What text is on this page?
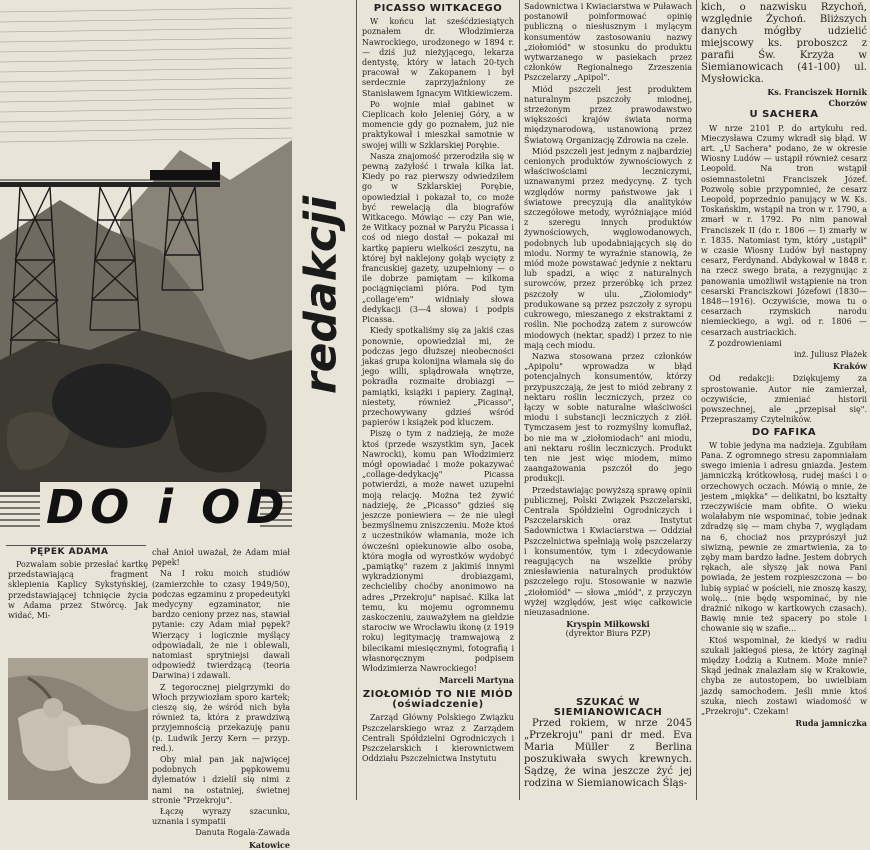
redakcji
DO i OD
PĘPEK ADAMA

Pozwalam sobie przesłać kartkę przedstawiającą fragment sklepienia Kaplicy Sykstyńskiej, przedstawiającej tchnięcie życia w Adama przez Stwórcę. Jak widać, Mi-

chał Anioł uważał, że Adam miał pępek!

Na I roku moich studiów (zamierzchłe to czasy 1949/50), podczas egzaminu z propedeutyki medycyny egzaminator, nie bardzo ceniony przez nas, stawiał pytanie: czy Adam miał pępek? Wierzący i logicznie myślący odpowiadali, że nie i oblewali, natomiast sprytniejsi dawali odpowiedź twierdzącą (teoria Darwina) i zdawali.

Z tegorocznej pielgrzymki do Włoch przywiozłam sporo kartek; cieszę się, że wśród nich była również ta, która z prawdziwą przyjemnością przekazuję panu (p. Ludwik Jerzy Kern — przyp. red.).

Oby miał pan jak najwięcej podobnych pępkowemu dylematów i dzielił się nimi z nami na ostatniej, świetnej stronie "Przekroju".

Łączę wyrazy szacunku, uznania i sympatii

Danuta Rogala-Zawada
Katowice
PICASSO WITKACEGO

W końcu lat sześćdziesiątych poznałem dr. Włodzimierza Nawrockiego, urodzonego w 1894 r. — dziś już nieżyjącego, lekarza dentystę, który w latach 20-tych pracował w Zakopanem i był serdecznie zaprzyjaźniony ze Stanisławem Ignacym Witkiewiczem.

Po wojnie miał gabinet w Cieplicach koło Jeleniej Góry, a w momencie gdy go poznałem, już nie praktykował i mieszkał samotnie w swojej willi w Szklarskiej Porębie.

Nasza znajomość przerodziła się w pewną zażyłość i trwała kilka lat. Kiedy po raz pierwszy odwiedziłem go w Szklarskiej Porębie, opowiedział i pokazał to, co może być rewelacją dla biografów Witkacego. Mówiąc — czy Pan wie, że Witkacy poznał w Paryżu Picassa i coś od niego dostał — pokazał mi kartkę papieru wielkości zeszytu, na której był naklejony gołąb wycięty z francuskiej gazety, uzupełniony — o ile dobrze pamiętam — kilkoma pociągnięciami pióra. Pod tym „collage'em" widniały słowa dedykacji (3—4 słowa) i podpis Picassa.

Kiedy spotkaliśmy się za jakiś czas ponownie, opowiedział mi, że podczas jego dłuższej nieobecności jakaś grupa kolonijna włamała się do jego willi, splądrowała wnętrze, pokradła rozmaite drobiazgi — pamiątki, książki i papiery. Zaginął, niestety, również „Picasso", przechowywany gdzieś wśród papierów i książek pod kluczem.

Piszę o tym z nadzieją, że może ktoś (przede wszystkim syn, Jacek Nawrocki), komu pan Włodzimierz mógł opowiadać i może pokazywać „collage-dedykację" Picassa potwierdzi, a może nawet uzupełni moją relację. Można też żywić nadzieję, że „Picasso" gdzieś się jeszcze poniewiera — że nie uległ bezmyślnemu zniszczeniu. Może ktoś z uczestników włamania, może ich ówcześni opiekunowie albo osoba, która mogła od wyrostków wydobyć „pamiątkę" razem z jakimiś innymi wykradzionymi drobiazgami, zechcieliby choćby anonimowo na adres „Przekroju" napisać. Kilka lat temu, ku mojemu ogromnemu zaskoczeniu, zauważyłem na giełdzie starociw we Wrocławiu ikonę (z 1919 roku) legitymację tramwajową z bilecikami miesięcznymi, fotografią i własnoręcznym podpisem Włodzimierza Nawrockiego!

Marceli Martyna
ZIOŁOMIÓD TO NIE MIÓD
(oświadczenie)

Zarząd Główny Polskiego Związku Pszczelarskiego wraz z Zarządem Centrali Spółdzielni Ogrodniczych i Pszczelarskich i kierownictwem Oddziału Pszczelnictwa Instytutu

Sadownictwa i Kwiaciarstwa w Puławach postanowił poinformować opinię publiczną o niesłusznym i mylącym konsumentów zastosowaniu nazwy „ziołomiód" w stosunku do produktu wytwarzanego w pasiekach przez członków Regionalnego Zrzeszenia Pszczelarzy „Apipol".

Miód pszczeli jest produktem naturalnym pszczoły miodnej, strzeżonym przez prawodawstwo większości krajów świata normą międzynarodową, ustanowioną przez Światową Organizację Zdrowia na czele.

Miód pszczeli jest jednym z najbardziej cenionych produktów żywnościowych z właściwościami leczniczymi, uznawanymi przez medycynę. Z tych względów normy państwowe jak i światowe precyzują dla analityków szczegółowe metody, wyróżniające miód z szeregu innych produktów żywnościowych, węglowodanowych, podobnych lub upodabniających się do miodu. Normy te wyraźnie stanowią, że miód może powstawać jedynie z nektaru lub spadzi, a więc z naturalnych surowców, przez przeróbkę ich przez pszczoły w ulu. „Ziołomiody" produkowane są przez pszczoły z syropu cukrowego, mieszanego z ekstraktami z roślin. Nie pochodzą zatem z surowców miodowych (nektar, spadź) i przez to nie mają cech miodu.

Nazwa stosowana przez członków „Apipolu" wprowadza w błąd potencjalnych konsumentów, którzy przypuszczają, że jest to miód zebrany z nektaru roślin leczniczych, przez co łączy w sobie naturalne właściwości miodu i substancji leczniczych z ziół. Tymczasem jest to rozmyślny komufłaż, bo nie ma w „ziołomiodach" ani miodu, ani nektaru roślin leczniczych. Produkt ten nie jest więc miodem, mimo zaangażowania pszczół do jego produkcji.

Przedstawiając powyższą sprawę opinii publicznej, Polski Związek Pszczelarski, Centrala Spółdzielni Ogrodniczych i Pszczelarskich oraz Instytut Sadownictwa i Kwiaciarstwa — Oddział Pszczelnictwa spełniają wolę pszczelarzy i konsumentów, tym i zdecydowanie reagujących na wszelkie próby zniesławienia naturalnych produktów pszczelego roju. Stosowanie w nazwie „ziołomiód" — słowa „miód", z przyczyn wyżej względów, jest więc całkowicie nieuzasadnione.

Kryspin Miłkowski
(dyrektor Biura PZP)
SZUKAĆ W SIEMIANOWICACH

Przed rokiem, w nrze 2045 „Przekroju" pani dr med. Eva Maria Müller z Berlina poszukiwała swych krewnych. Sądzę, że wina jeszcze żyć jej rodzina w Siemianowicach Śląs-

kich, o nazwisku Rzychoń, względnie Żychoń. Bliższych danych mógłby udzielić miejscowy ks. proboszcz z parafii Św. Krzyża w Siemianowicach (41-100) ul. Mysłowicka.

Ks. Franciszek Hornik
Chorzów
U SACHERA

W nrze 2101 P. do artykułu red. Mieczysława Czumy wkradł się błąd. W art. „U Sachera" podano, że w okresie Wiosny Ludów — ustąpił również cesarz Leopold. Na tron wstąpił osiemnastoletni Franciszek Józef. Pozwolę sobie przypomnieć, że cesarz Leopold, poprzednio panujący w W. Ks. Toskańskim, wstąpił na tron w r. 1790, a zmarł w r. 1792. Po nim panował Franciszek II (do r. 1806 — I) zmarły w r. 1835. Natomiast tym, który „ustąpił" w czasie Wiosny Ludów był następny cesarz, Ferdynand. Abdykował w 1848 r. na rzecz swego brata, a rezygnując z panowania umożliwił wstąpienie na tron cesarski Franciszkowi Józefowi (1830—1848—1916). Oczywiście, mowa tu o cesarzach rzymskich narodu niemieckiego, a wgl. od r. 1806 — cesarzach austriackich.

Z pozdrowieniami

inż. Juliusz Płażek
Kraków

Od redakcji: Dziękujemy za sprostowanie. Autor nie zamierzał, oczywiście, zmieniać historii powszechnej, ale „przepisał się". Przepraszamy Czytelników.

DO FAFIKA

W tobie jedyna ma nadzieja. Zgubiłam Pana. Z ogromnego stresu zapomniałam swego imienia i adresu gniazda. Jestem jamniczką krótkowłosą, rudej maści i o orzechowych oczach. Mówią o mnie, że jestem „miękka" — delikatni, bo kształty rzeczywiście mam obfite. O wieku wolałabym nie wspominać, tobie jednak zdradzę się — mam chyba 7, wyglądam na 6, chociaż nos przyprószył już siwizną, pewnie ze zmartwienia, za to zęby mam bardzo ładne. Jestem dobrych rękach, ale słyszę jak nowa Pani powiada, że jestem rozpieszczona — bo lubię sypiać w pościeli, nie znoszę kaszy, wolę... (nie będę wspominać, by nie drażnić nikogo w kartkowych czasach). Bawię mnie też spacery po stole i chowanie się w szafie...

Ktoś wspominał, że kiedyś w radiu szukali jakiegoś piesa, że który zaginął między Łodzią a Kutnem. Może mnie? Skąd jednak znalazłam się w Krakowie, chyba ze autostopem, bo uwielbiam jazdę samochodem. Jeśli mnie ktoś szuka, niech zostawi wiadomość w „Przekroju". Czekam!

Ruda jamniczka
